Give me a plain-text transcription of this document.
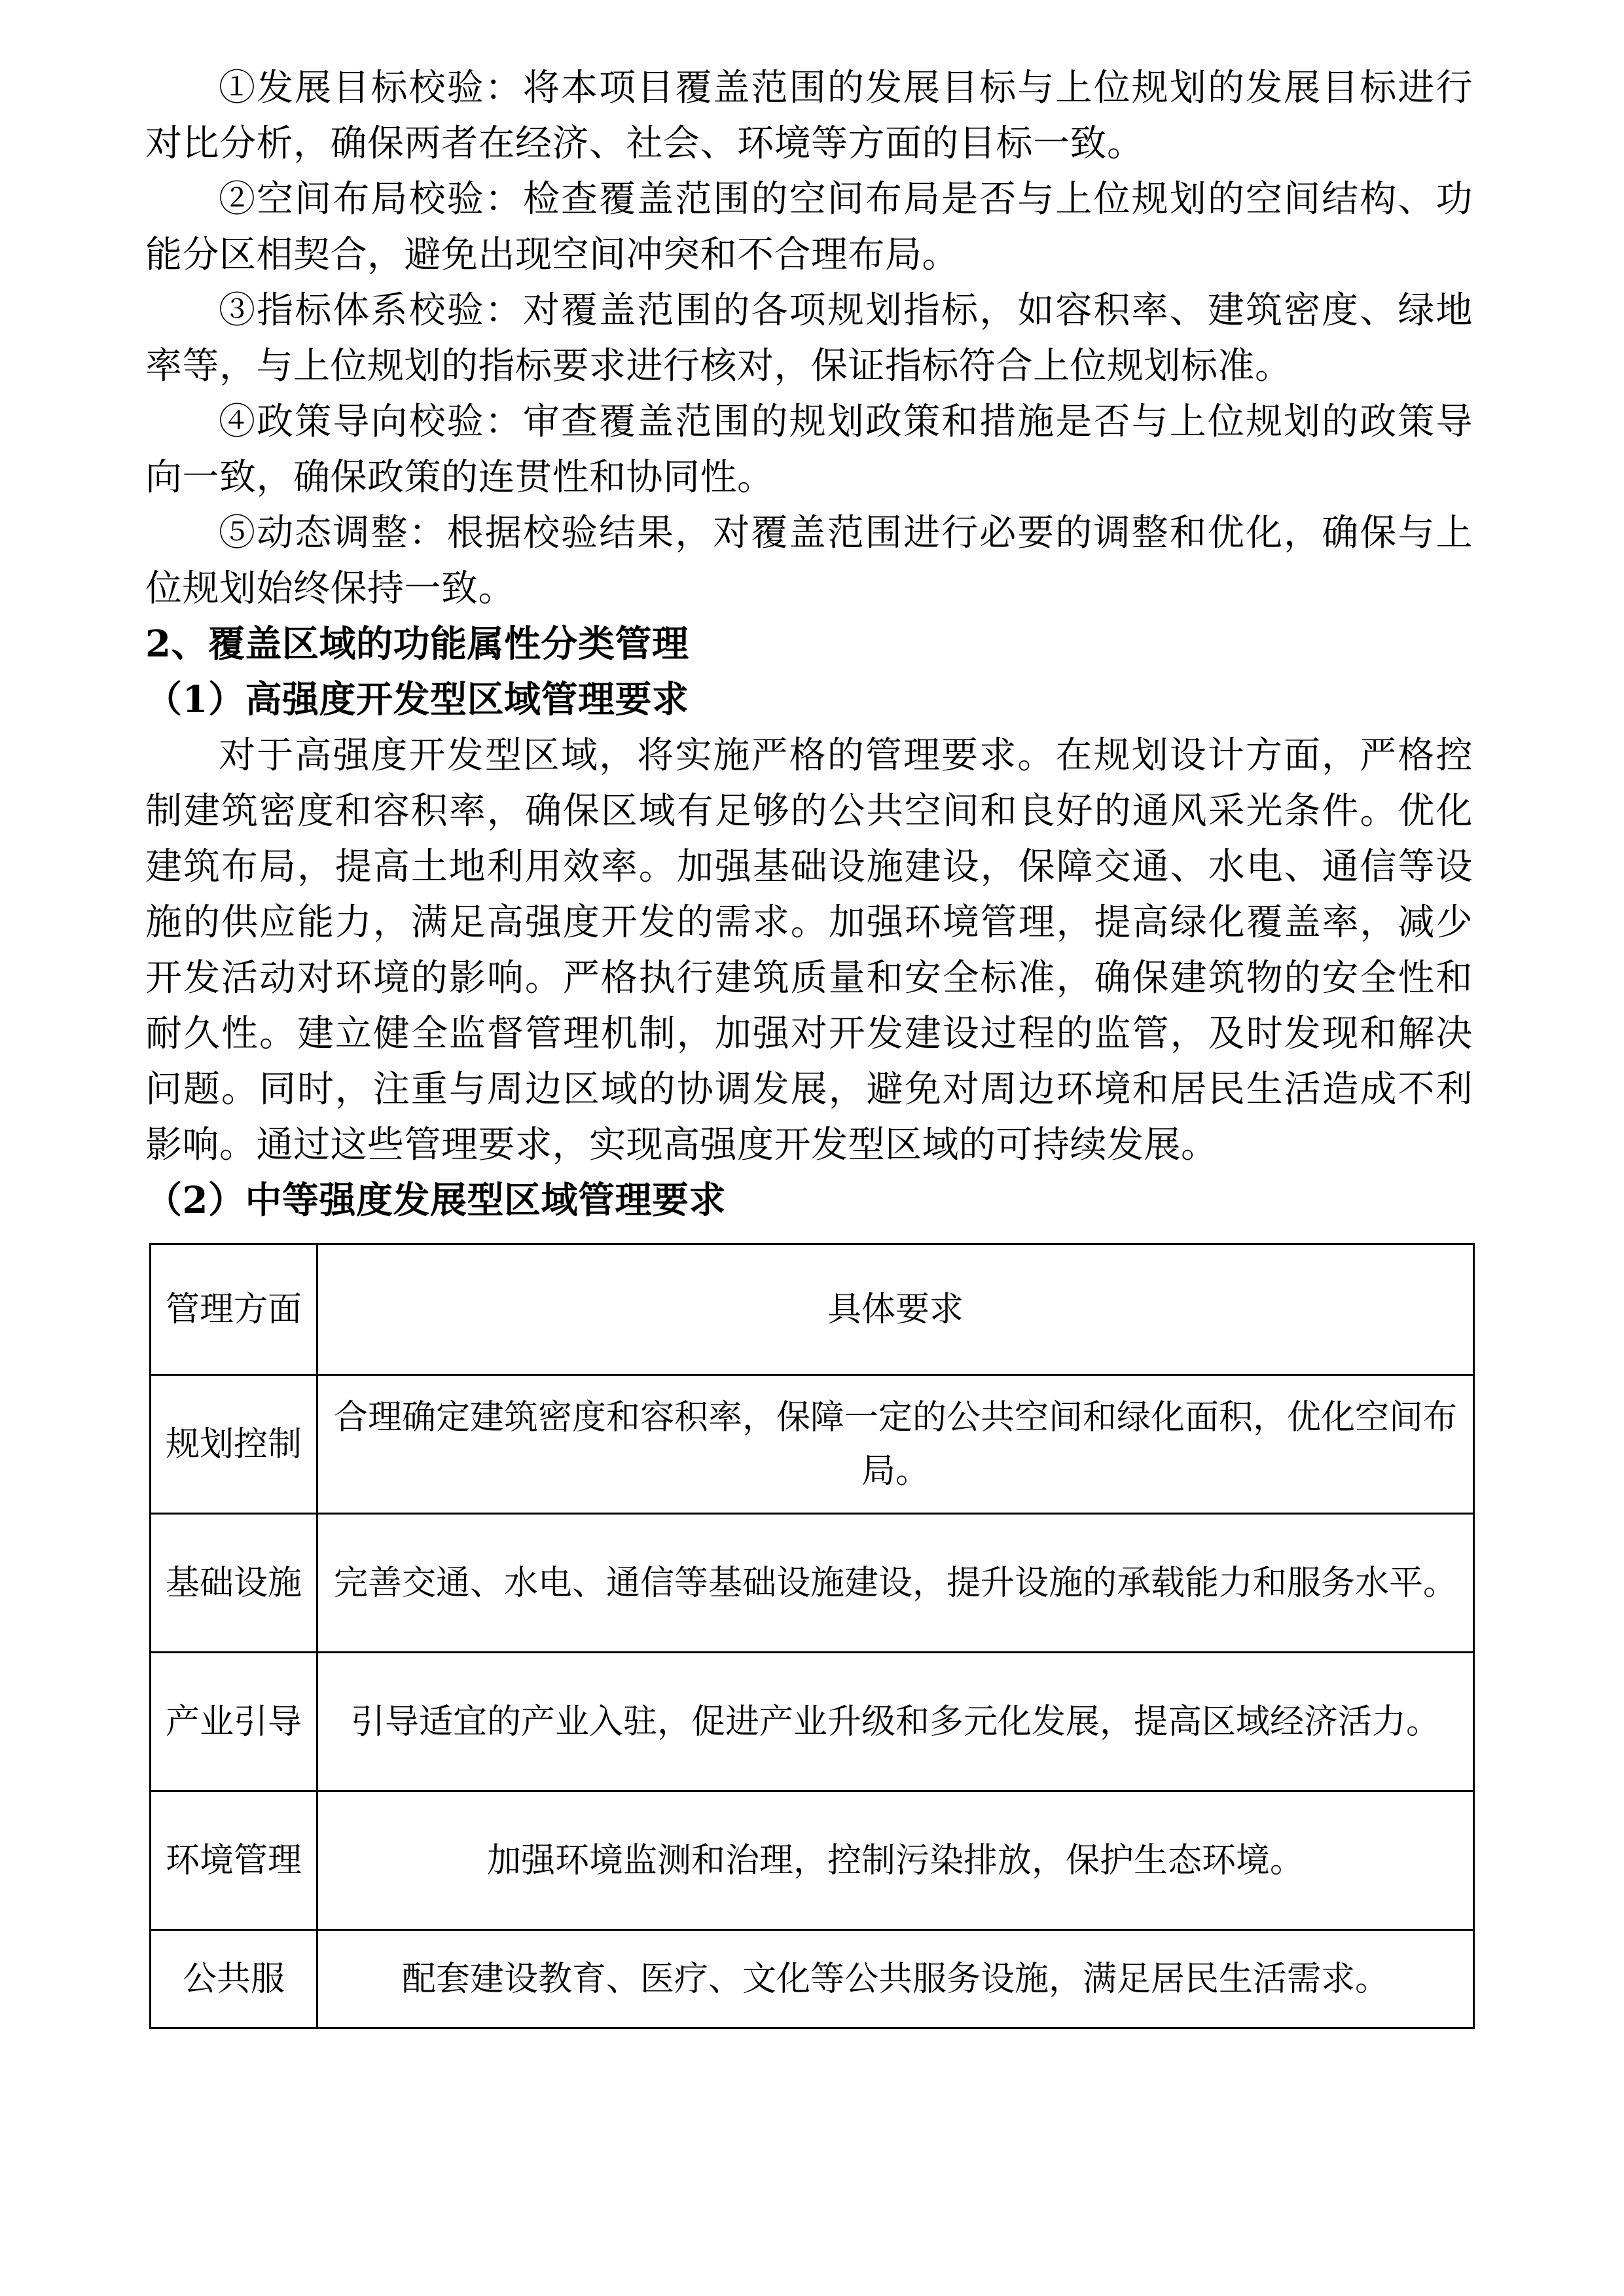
①发展目标校验：将本项目覆盖范围的发展目标与上位规划的发展目标进行对比分析，确保两者在经济、社会、环境等方面的目标一致。

②空间布局校验：检查覆盖范围的空间布局是否与上位规划的空间结构、功能分区相契合，避免出现空间冲突和不合理布局。

③指标体系校验：对覆盖范围的各项规划指标，如容积率、建筑密度、绿地率等，与上位规划的指标要求进行核对，保证指标符合上位规划标准。

④政策导向校验：审查覆盖范围的规划政策和措施是否与上位规划的政策导向一致，确保政策的连贯性和协同性。

⑤动态调整：根据校验结果，对覆盖范围进行必要的调整和优化，确保与上位规划始终保持一致。

2、覆盖区域的功能属性分类管理

（1）高强度开发型区域管理要求

对于高强度开发型区域，将实施严格的管理要求。在规划设计方面，严格控制建筑密度和容积率，确保区域有足够的公共空间和良好的通风采光条件。优化建筑布局，提高土地利用效率。加强基础设施建设，保障交通、水电、通信等设施的供应能力，满足高强度开发的需求。加强环境管理，提高绿化覆盖率，减少开发活动对环境的影响。严格执行建筑质量和安全标准，确保建筑物的安全性和耐久性。建立健全监督管理机制，加强对开发建设过程的监管，及时发现和解决问题。同时，注重与周边区域的协调发展，避免对周边环境和居民生活造成不利影响。通过这些管理要求，实现高强度开发型区域的可持续发展。

（2）中等强度发展型区域管理要求

管理方面	具体要求
规划控制	合理确定建筑密度和容积率，保障一定的公共空间和绿化面积，优化空间布局。
基础设施	完善交通、水电、通信等基础设施建设，提升设施的承载能力和服务水平。
产业引导	引导适宜的产业入驻，促进产业升级和多元化发展，提高区域经济活力。
环境管理	加强环境监测和治理，控制污染排放，保护生态环境。
公共服	配套建设教育、医疗、文化等公共服务设施，满足居民生活需求。
